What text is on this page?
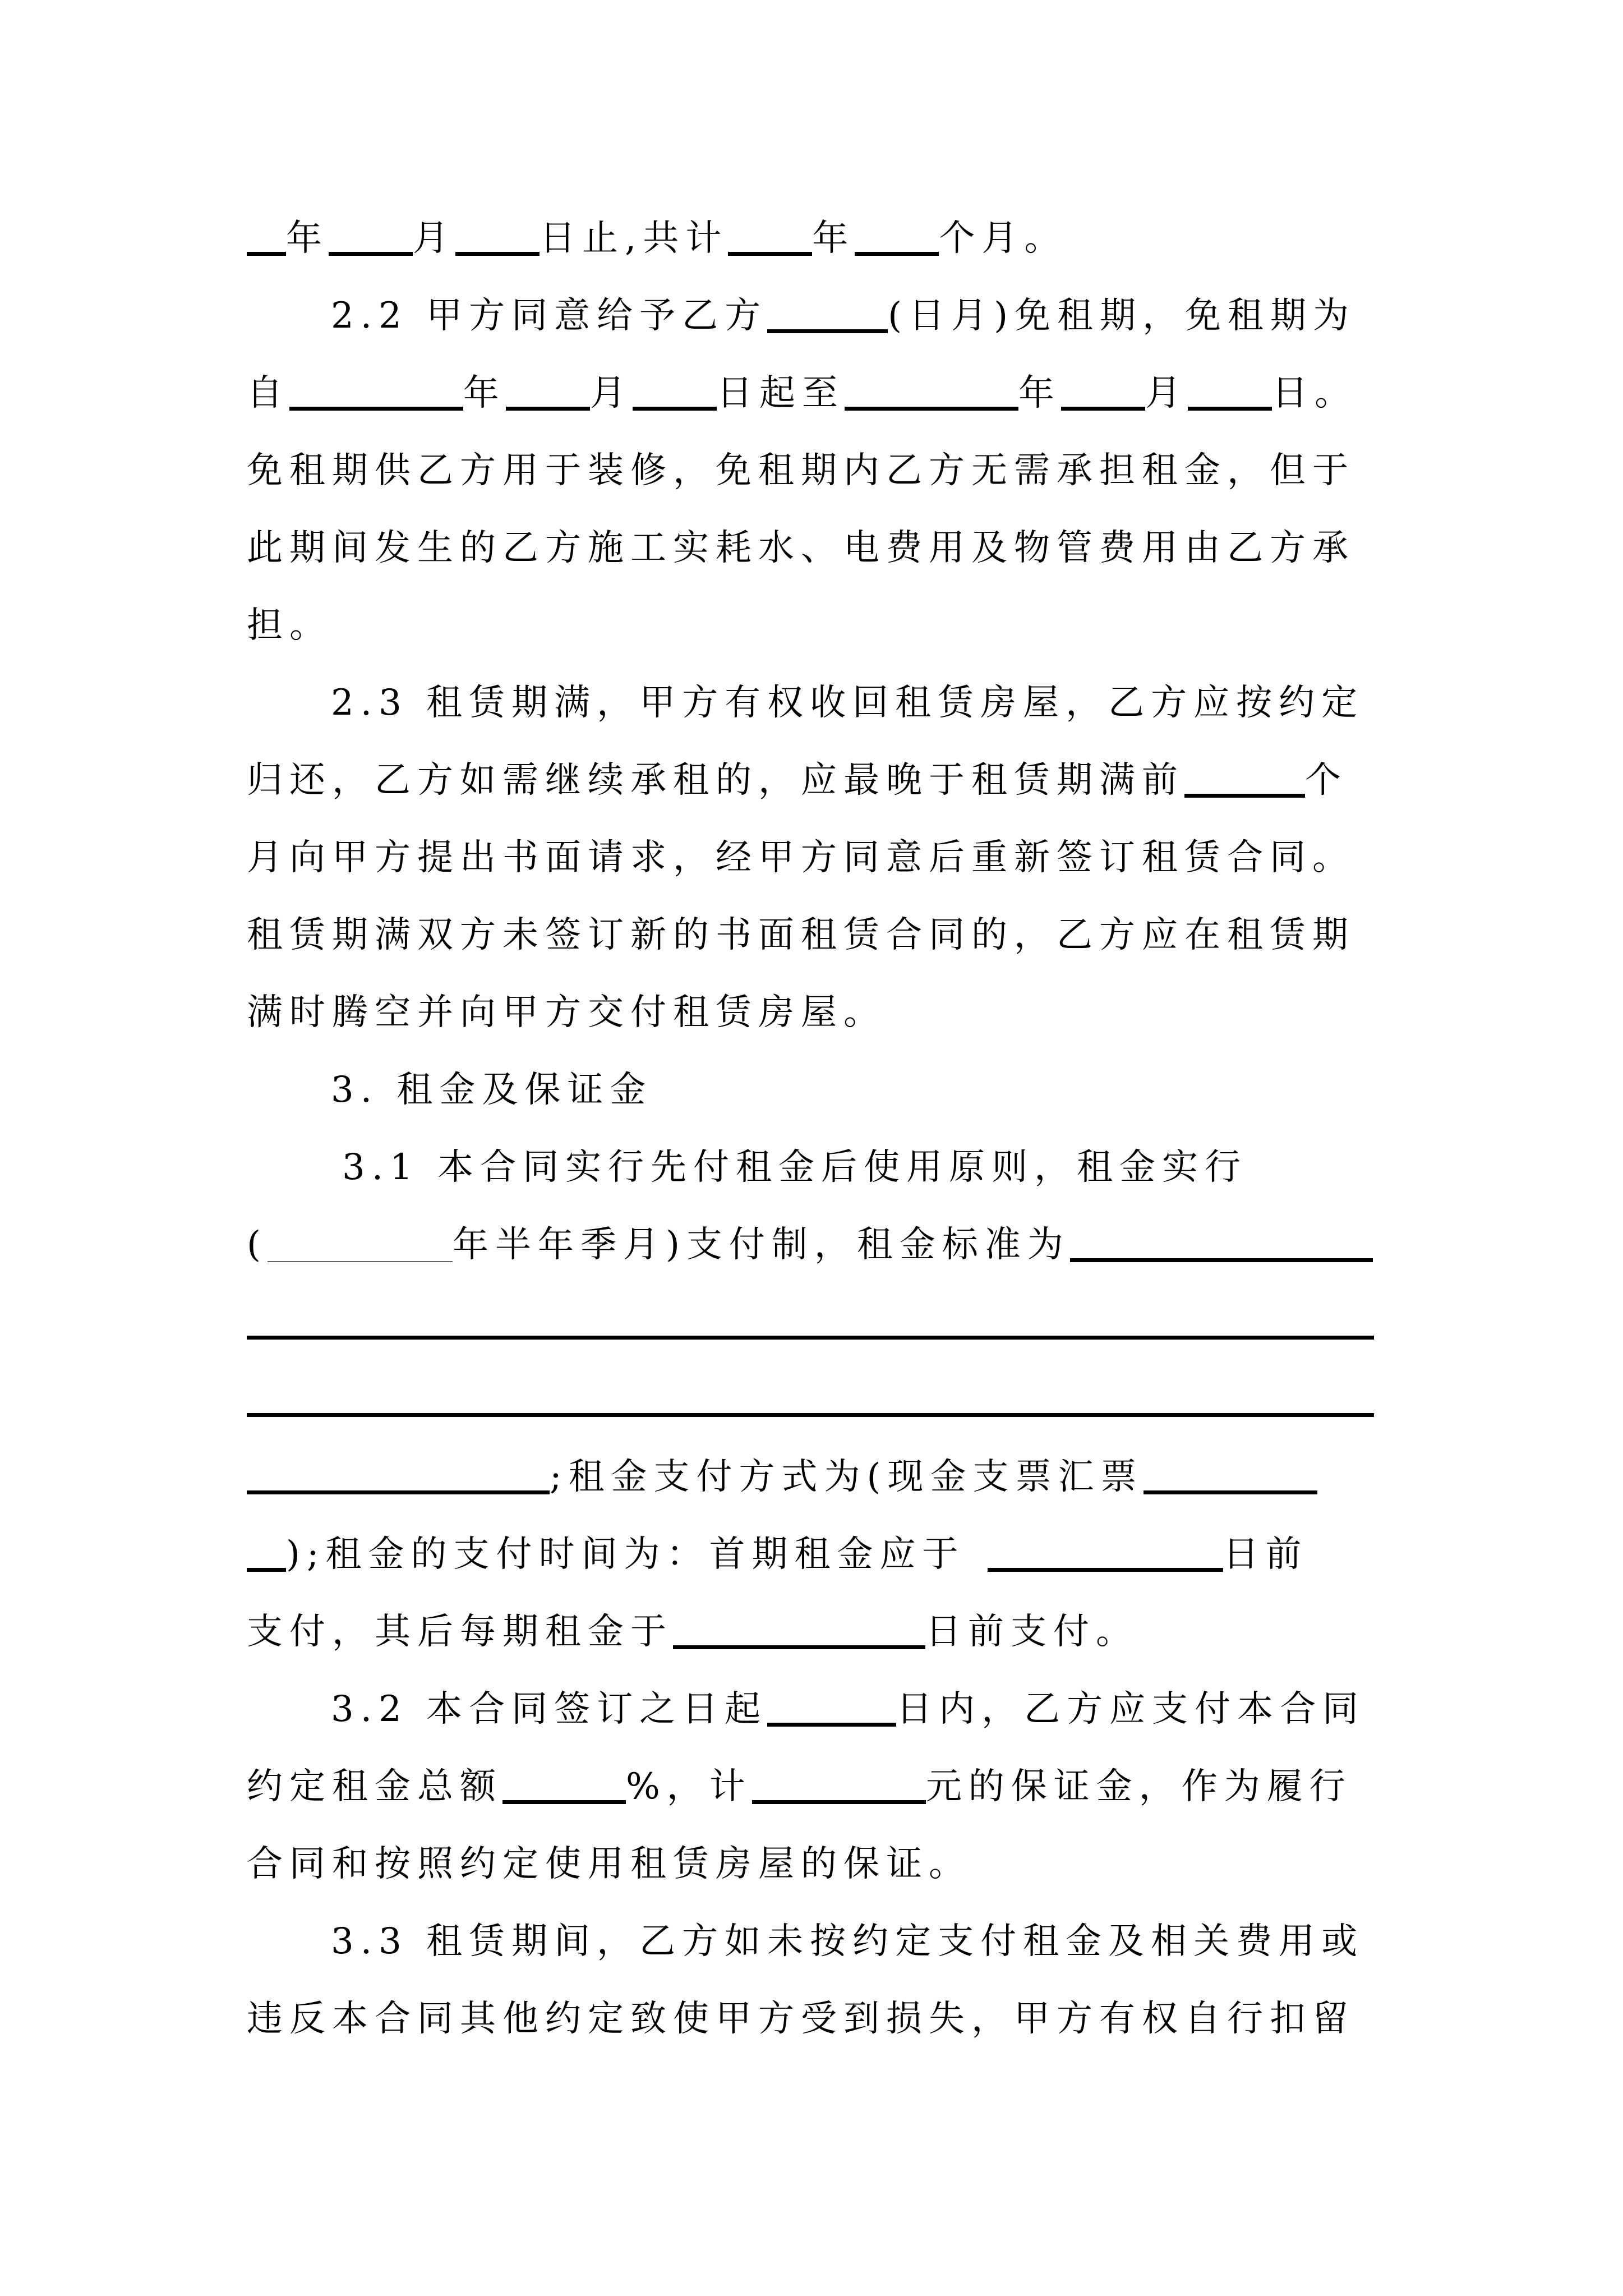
年 月 日止,共计 年 个月。
2.2 甲方同意给予乙方	(日月)免租期，免租期为
自	年 月 日起至	年 月 日。
免租期供乙方用于装修，免租期内乙方无需承担租金，但于
此期间发生的乙方施工实耗水、电费用及物管费用由乙方承
担。
2.3 租赁期满，甲方有权收回租赁房屋，乙方应按约定
归还，乙方如需继续承租的，应最晚于租赁期满前	个
月向甲方提出书面请求，经甲方同意后重新签订租赁合同。
租赁期满双方未签订新的书面租赁合同的，乙方应在租赁期
满时腾空并向甲方交付租赁房屋。
3. 租金及保证金
3.1 本合同实行先付租金后使用原则，租金实行
(	年半年季月)支付制，租金标准为
;租金支付方式为(现金支票汇票
);租金的支付时间为：首期租金应于	日前
支付，其后每期租金于	日前支付。
3.2 本合同签订之日起	日内，乙方应支付本合同
约定租金总额	%，计	元的保证金，作为履行
合同和按照约定使用租赁房屋的保证。
3.3 租赁期间，乙方如未按约定支付租金及相关费用或
违反本合同其他约定致使甲方受到损失，甲方有权自行扣留
